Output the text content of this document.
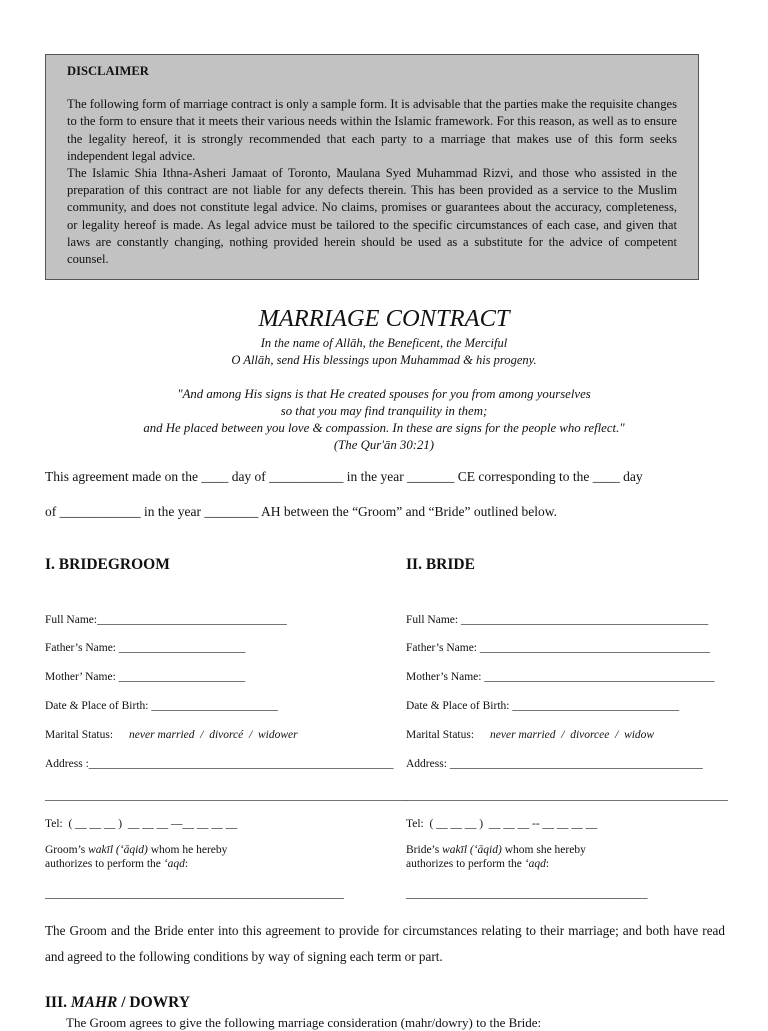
DISCLAIMER

The following form of marriage contract is only a sample form. It is advisable that the parties make the requisite changes to the form to ensure that it meets their various needs within the Islamic framework. For this reason, as well as to ensure the legality hereof, it is strongly recommended that each party to a marriage that makes use of this form seeks independent legal advice.

The Islamic Shia Ithna-Asheri Jamaat of Toronto, Maulana Syed Muhammad Rizvi, and those who assisted in the preparation of this contract are not liable for any defects therein. This has been provided as a service to the Muslim community, and does not constitute legal advice. No claims, promises or guarantees about the accuracy, completeness, or legality hereof is made. As legal advice must be tailored to the specific circumstances of each case, and given that laws are constantly changing, nothing provided herein should be used as a substitute for the advice of competent counsel.

MARRIAGE CONTRACT
In the name of Allāh, the Beneficent, the Merciful
O Allāh, send His blessings upon Muhammad & his progeny.
"And among His signs is that He created spouses for you from among yourselves
so that you may find tranquility in them;
and He placed between you love & compassion. In these are signs for the people who reflect."
(The Qur'ān 30:21)
This agreement made on the ____ day of ___________ in the year _______ CE corresponding to the ____ day
of ____________ in the year ________ AH between the “Groom” and “Bride” outlined below.
I. BRIDEGROOM	II. BRIDE
Full Name:_________________________________
Father’s Name: ______________________
Mother’ Name: ______________________
Date & Place of Birth: ______________________
Marital Status: never married  /  divorcé  /  widower
Address :_____________________________________________________
_______________________________________________________________
Tel:  ( __ __ __ )  __ __ __ —__ __ __ __
Groom’s wakīl (‘āqid) whom he hereby
authorizes to perform the ‘aqd:
____________________________________________________
Full Name: ___________________________________________
Father’s Name: ________________________________________
Mother’s Name: ________________________________________
Date & Place of Birth: _____________________________
Marital Status: never married  /  divorcee  /  widow
Address: ____________________________________________
________________________________________________________
Tel:  ( __ __ __ )  __ __ __ -- __ __ __ __
Bride’s wakīl (‘āqid) whom she hereby
authorizes to perform the ‘aqd:
__________________________________________
The Groom and the Bride enter into this agreement to provide for circumstances relating to their marriage; and both have read and agreed to the following conditions by way of signing each term or part.
III. MAHR / DOWRY
The Groom agrees to give the following marriage consideration (mahr/dowry) to the Bride:
